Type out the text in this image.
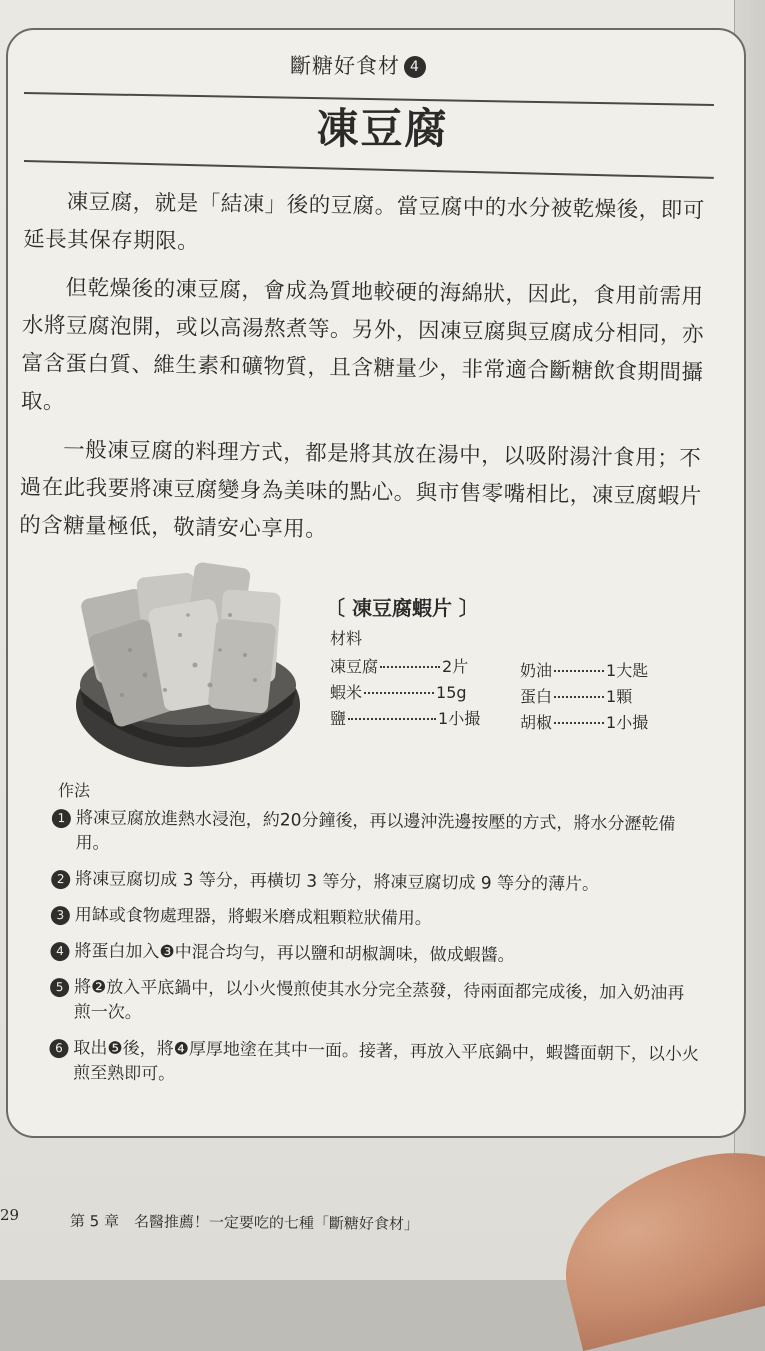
斷糖好食材 4
凍豆腐

凍豆腐，就是「結凍」後的豆腐。當豆腐中的水分被乾燥後，即可延長其保存期限。

但乾燥後的凍豆腐，會成為質地較硬的海綿狀，因此，食用前需用水將豆腐泡開，或以高湯熬煮等。另外，因凍豆腐與豆腐成分相同，亦富含蛋白質、維生素和礦物質，且含糖量少，非常適合斷糖飲食期間攝取。

一般凍豆腐的料理方式，都是將其放在湯中，以吸附湯汁食用；不過在此我要將凍豆腐變身為美味的點心。與市售零嘴相比，凍豆腐蝦片的含糖量極低，敬請安心享用。

〔 凍豆腐蝦片 〕
材料
凍豆腐	2片
蝦米	15g
鹽	1小撮
奶油	1大匙
蛋白	1顆
胡椒	1小撮
作法
1 將凍豆腐放進熱水浸泡，約20分鐘後，再以邊沖洗邊按壓的方式，將水分瀝乾備用。
2 將凍豆腐切成 3 等分，再橫切 3 等分，將凍豆腐切成 9 等分的薄片。
3 用缽或食物處理器，將蝦米磨成粗顆粒狀備用。
4 將蛋白加入❸中混合均勻，再以鹽和胡椒調味，做成蝦醬。
5 將❷放入平底鍋中，以小火慢煎使其水分完全蒸發，待兩面都完成後，加入奶油再煎一次。
6 取出❺後，將❹厚厚地塗在其中一面。接著，再放入平底鍋中，蝦醬面朝下，以小火煎至熟即可。
29	第 5 章　名醫推薦！一定要吃的七種「斷糖好食材」
